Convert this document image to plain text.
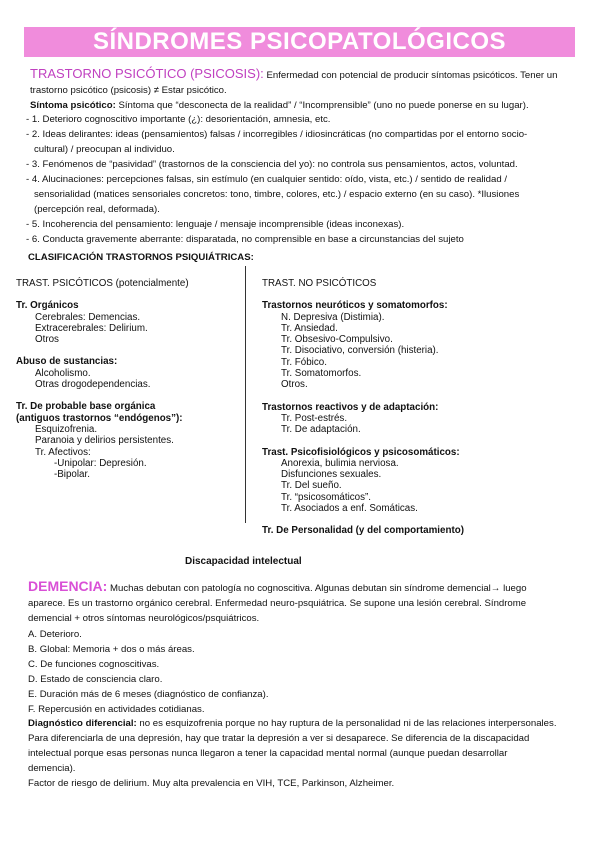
SÍNDROMES PSICOPATOLÓGICOS
TRASTORNO PSICÓTICO (PSICOSIS): Enfermedad con potencial de producir síntomas psicóticos. Tener un
trastorno psicótico (psicosis) ≠ Estar psicótico.
Síntoma psicótico: Síntoma que “desconecta de la realidad” / “Incomprensible” (uno no puede ponerse en su lugar).
- 1. Deterioro cognoscitivo importante (¿): desorientación, amnesia, etc.
- 2. Ideas delirantes: ideas (pensamientos) falsas / incorregibles / idiosincráticas (no compartidas por el entorno socio-
cultural) / preocupan al individuo.
- 3. Fenómenos de “pasividad” (trastornos de la consciencia del yo): no controla sus pensamientos, actos, voluntad.
- 4. Alucinaciones: percepciones falsas, sin estímulo (en cualquier sentido: oído, vista, etc.) / sentido de realidad /
sensorialidad (matices sensoriales concretos: tono, timbre, colores, etc.) / espacio externo (en su caso). *Ilusiones
(percepción real, deformada).
- 5. Incoherencia del pensamiento: lenguaje / mensaje incomprensible (ideas inconexas).
- 6. Conducta gravemente aberrante: disparatada, no comprensible en base a circunstancias del sujeto
CLASIFICACIÓN TRASTORNOS PSIQUIÁTRICAS:
TRAST. PSICÓTICOS (potencialmente)
Tr. Orgánicos
Cerebrales: Demencias.
Extracerebrales: Delirium.
Otros
Abuso de sustancias:
Alcoholismo.
Otras drogodependencias.
Tr. De probable base orgánica
(antiguos trastornos “endógenos”):
Esquizofrenia.
Paranoia y delirios persistentes.
Tr. Afectivos:
-Unipolar: Depresión.
-Bipolar.
TRAST. NO PSICÓTICOS
Trastornos neuróticos y somatomorfos:
N. Depresiva (Distimia).
Tr. Ansiedad.
Tr. Obsesivo-Compulsivo.
Tr. Disociativo, conversión (histeria).
Tr. Fóbico.
Tr. Somatomorfos.
Otros.
Trastornos reactivos y de adaptación:
Tr. Post-estrés.
Tr. De adaptación.
Trast. Psicofisiológicos y psicosomáticos:
Anorexia, bulimia nerviosa.
Disfunciones sexuales.
Tr. Del sueño.
Tr. “psicosomáticos”.
Tr. Asociados a enf. Somáticas.
Tr. De Personalidad (y del comportamiento)
Discapacidad intelectual
DEMENCIA: Muchas debutan con patología no cognoscitiva. Algunas debutan sin síndrome demencial→ luego
aparece. Es un trastorno orgánico cerebral. Enfermedad neuro-psquiátrica. Se supone una lesión cerebral. Síndrome
demencial + otros síntomas neurológicos/psquiátricos.
A. Deterioro.
B. Global: Memoria + dos o más áreas.
C. De funciones cognoscitivas.
D. Estado de consciencia claro.
E. Duración más de 6 meses (diagnóstico de confianza).
F. Repercusión en actividades cotidianas.
Diagnóstico diferencial: no es esquizofrenia porque no hay ruptura de la personalidad ni de las relaciones interpersonales.
Para diferenciarla de una depresión, hay que tratar la depresión a ver si desaparece. Se diferencia de la discapacidad
intelectual porque esas personas nunca llegaron a tener la capacidad mental normal (aunque puedan desarrollar
demencia).
Factor de riesgo de delirium. Muy alta prevalencia en VIH, TCE, Parkinson, Alzheimer.
